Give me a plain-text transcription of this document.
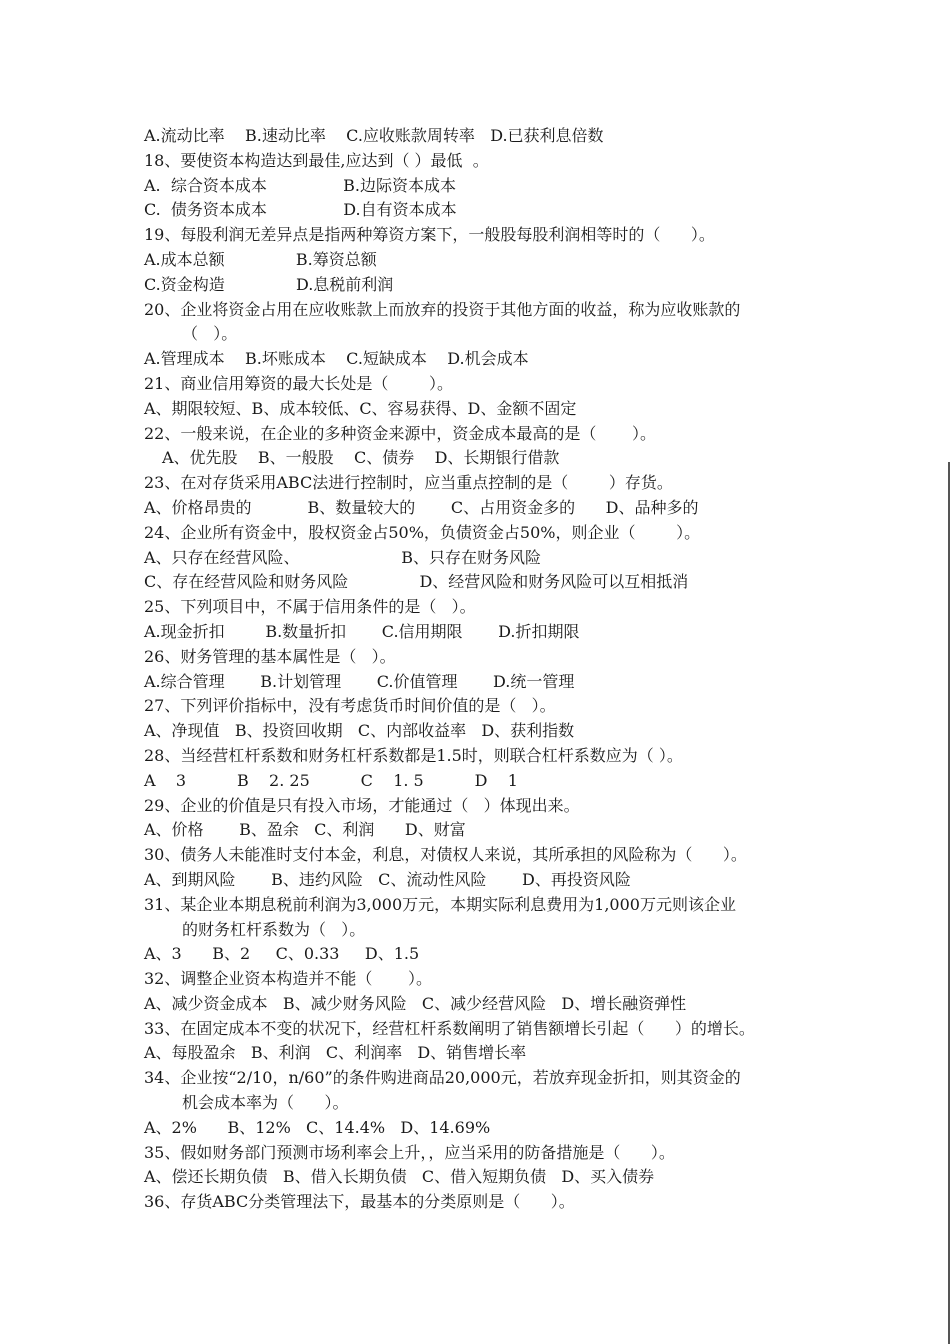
A.流动比率    B.速动比率    C.应收账款周转率   D.已获利息倍数
18、要使资本构造达到最佳,应达到（ ）最低  。
A.  综合资本成本               B.边际资本成本
C.  债务资本成本               D.自有资本成本
19、每股利润无差异点是指两种筹资方案下，一般股每股利润相等时的（      ）。
A.成本总额              B.筹资总额
C.资金构造              D.息税前利润
20、企业将资金占用在应收账款上而放弃的投资于其他方面的收益，称为应收账款的
（   ）。
A.管理成本    B.坏账成本    C.短缺成本    D.机会成本
21、商业信用筹资的最大长处是（        ）。
A、期限较短、B、成本较低、C、容易获得、D、金额不固定
22、一般来说，在企业的多种资金来源中，资金成本最高的是（       ）。
A、优先股    B、一般股    C、债券    D、长期银行借款
23、在对存货采用ABC法进行控制时，应当重点控制的是（        ）存货。
A、价格昂贵的           B、数量较大的       C、占用资金多的      D、品种多的
24、企业所有资金中，股权资金占50%，负债资金占50%，则企业（        ）。
A、只存在经营风险、                    B、只存在财务风险
C、存在经营风险和财务风险              D、经营风险和财务风险可以互相抵消
25、下列项目中，不属于信用条件的是（   ）。
A.现金折扣        B.数量折扣       C.信用期限       D.折扣期限
26、财务管理的基本属性是（   ）。
A.综合管理       B.计划管理       C.价值管理       D.统一管理
27、下列评价指标中，没有考虑货币时间价值的是（   ）。
A、净现值   B、投资回收期   C、内部收益率   D、获利指数
28、当经营杠杆系数和财务杠杆系数都是1.5时，则联合杠杆系数应为（ ）。
A    3          B    2. 25          C    1. 5          D    1
29、企业的价值是只有投入市场，才能通过（   ）体现出来。
A、价格       B、盈余   C、利润      D、财富
30、债务人未能准时支付本金，利息，对债权人来说，其所承担的风险称为（      ）。
A、到期风险       B、违约风险   C、流动性风险       D、再投资风险
31、某企业本期息税前利润为3,000万元，本期实际利息费用为1,000万元则该企业
的财务杠杆系数为（   ）。
A、3      B、2     C、0.33     D、1.5
32、调整企业资本构造并不能（       ）。
A、减少资金成本   B、减少财务风险   C、减少经营风险   D、增长融资弹性
33、在固定成本不变的状况下，经营杠杆系数阐明了销售额增长引起（      ）的增长。
A、每股盈余   B、利润   C、利润率   D、销售增长率
34、企业按“2/10，n/60”的条件购进商品20,000元，若放弃现金折扣，则其资金的
机会成本率为（      ）。
A、2%      B、12%   C、14.4%   D、14.69%
35、假如财务部门预测市场利率会上升，，应当采用的防备措施是（      ）。
A、偿还长期负债   B、借入长期负债   C、借入短期负债   D、买入债券
36、存货ABC分类管理法下，最基本的分类原则是（      ）。
